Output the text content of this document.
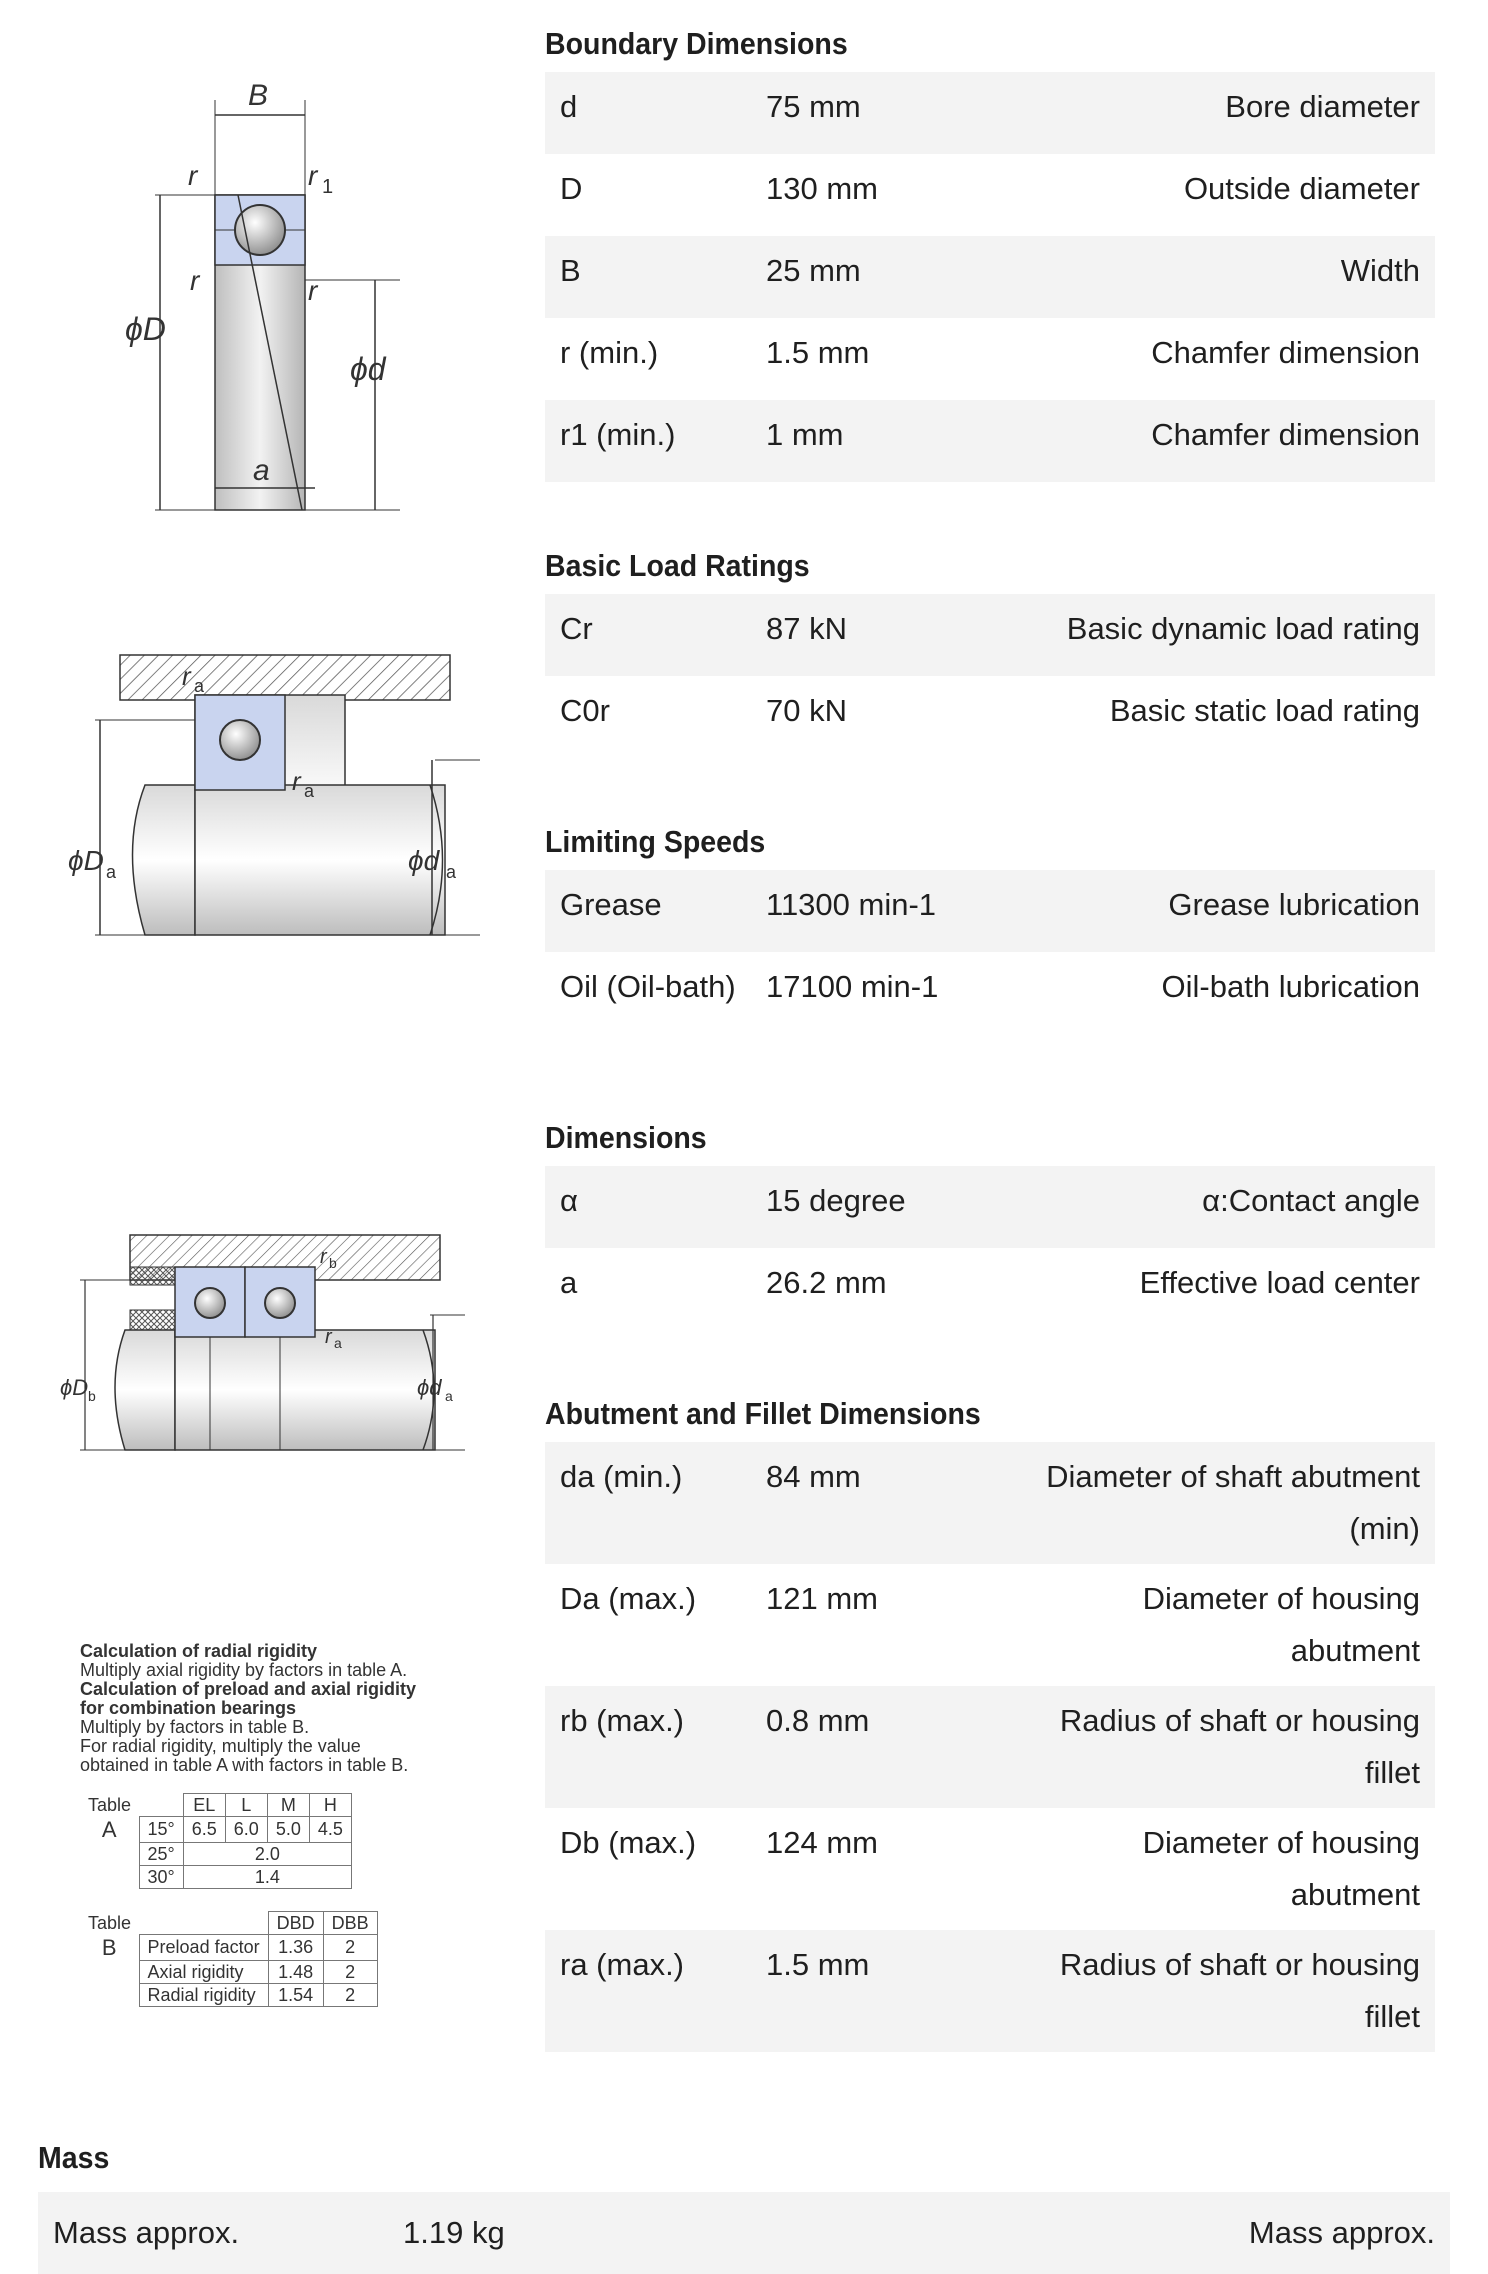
B
r	r 1
r	r
ϕD
ϕd
a
r a
r a
ϕD a	ϕd a
r b
r a
ϕD b	ϕd a
Calculation of radial rigidity
Multiply axial rigidity by factors in table A.
Calculation of preload and axial rigidity
for combination bearings
Multiply by factors in table B.
For radial rigidity, multiply the value
obtained in table A with factors in table B.
Table		EL	L	M	H
A	15°	6.5	6.0	5.0	4.5
	25°	2.0			
	30°	1.4			
Table		DBD	DBB
B	Preload factor	1.36	2
	Axial rigidity	1.48	2
	Radial rigidity	1.54	2
Boundary Dimensions
d	75 mm	Bore diameter
D	130 mm	Outside diameter
B	25 mm	Width
r (min.)	1.5 mm	Chamfer dimension
r1 (min.)	1 mm	Chamfer dimension
Basic Load Ratings
Cr	87 kN	Basic dynamic load rating
C0r	70 kN	Basic static load rating
Limiting Speeds
Grease	11300 min-1	Grease lubrication
Oil (Oil-bath) 17100 min-1	Oil-bath lubrication
Dimensions
α	15 degree	α:Contact angle
a	26.2 mm	Effective load center
Abutment and Fillet Dimensions
da (min.)	84 mm	Diameter of shaft abutment (min)
Da (max.)	121 mm	Diameter of housing abutment
rb (max.)	0.8 mm	Radius of shaft or housing fillet
Db (max.)	124 mm	Diameter of housing abutment
ra (max.)	1.5 mm	Radius of shaft or housing fillet
Mass
Mass approx.	1.19 kg	Mass approx.
